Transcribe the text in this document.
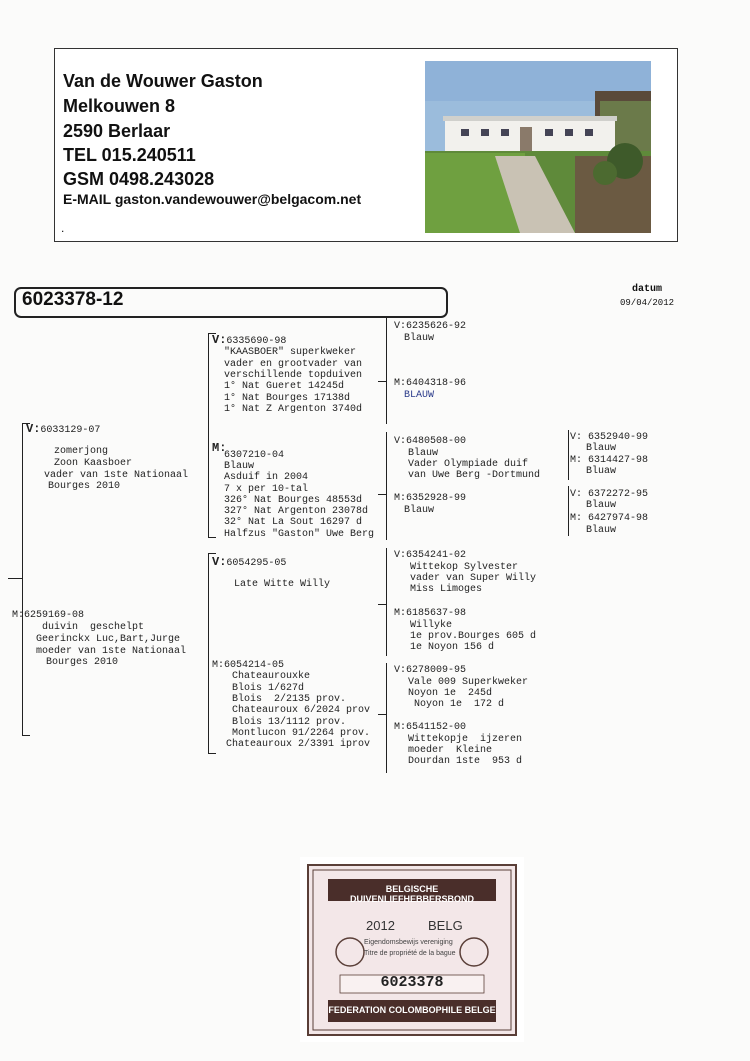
Van de Wouwer Gaston
Melkouwen 8
2590 Berlaar
TEL 015.240511
GSM 0498.243028
E-MAIL gaston.vandewouwer@belgacom.net
.
6023378-12	datum
09/04/2012
V:6033129-07
zomerjong
Zoon Kaasboer
vader van 1ste Nationaal
Bourges 2010
M:6259169-08
duivin  geschelpt
Geerinckx Luc,Bart,Jurge
moeder van 1ste Nationaal
Bourges 2010
V:6335690-98
"KAASBOER" superkweker
vader en grootvader van
verschillende topduiven
1° Nat Gueret 14245d
1° Nat Bourges 17138d
1° Nat Z Argenton 3740d
M:
6307210-04
Blauw
Asduif in 2004
7 x per 10-tal
326° Nat Bourges 48553d
327° Nat Argenton 23078d
32° Nat La Sout 16297 d
Halfzus "Gaston" Uwe Berg
V:6054295-05
Late Witte Willy
M:6054214-05
Chateaurouxke
Blois 1/627d
Blois  2/2135 prov.
Chateauroux 6/2024 prov
Blois 13/1112 prov.
Montlucon 91/2264 prov.
Chateauroux 2/3391 iprov
V:6235626-92
Blauw
M:6404318-96
BLAUW
V:6480508-00
Blauw
Vader Olympiade duif
van Uwe Berg -Dortmund
M:6352928-99
Blauw
V:6354241-02
Wittekop Sylvester
vader van Super Willy
Miss Limoges
M:6185637-98
Willyke
1e prov.Bourges 605 d
1e Noyon 156 d
V:6278009-95
Vale 009 Superkweker
Noyon 1e  245d
Noyon 1e  172 d
M:6541152-00
Wittekopje  ijzeren
moeder  Kleine
Dourdan 1ste  953 d
V: 6352940-99
Blauw
M: 6314427-98
Bluaw
V: 6372272-95
Blauw
M: 6427974-98
Blauw
BELGISCHE DUIVENLIEFHEBBERSBOND
2012	BELG
Eigendomsbewijs vereniging
Titre de propriété de la bague
6023378
FEDERATION COLOMBOPHILE BELGE
